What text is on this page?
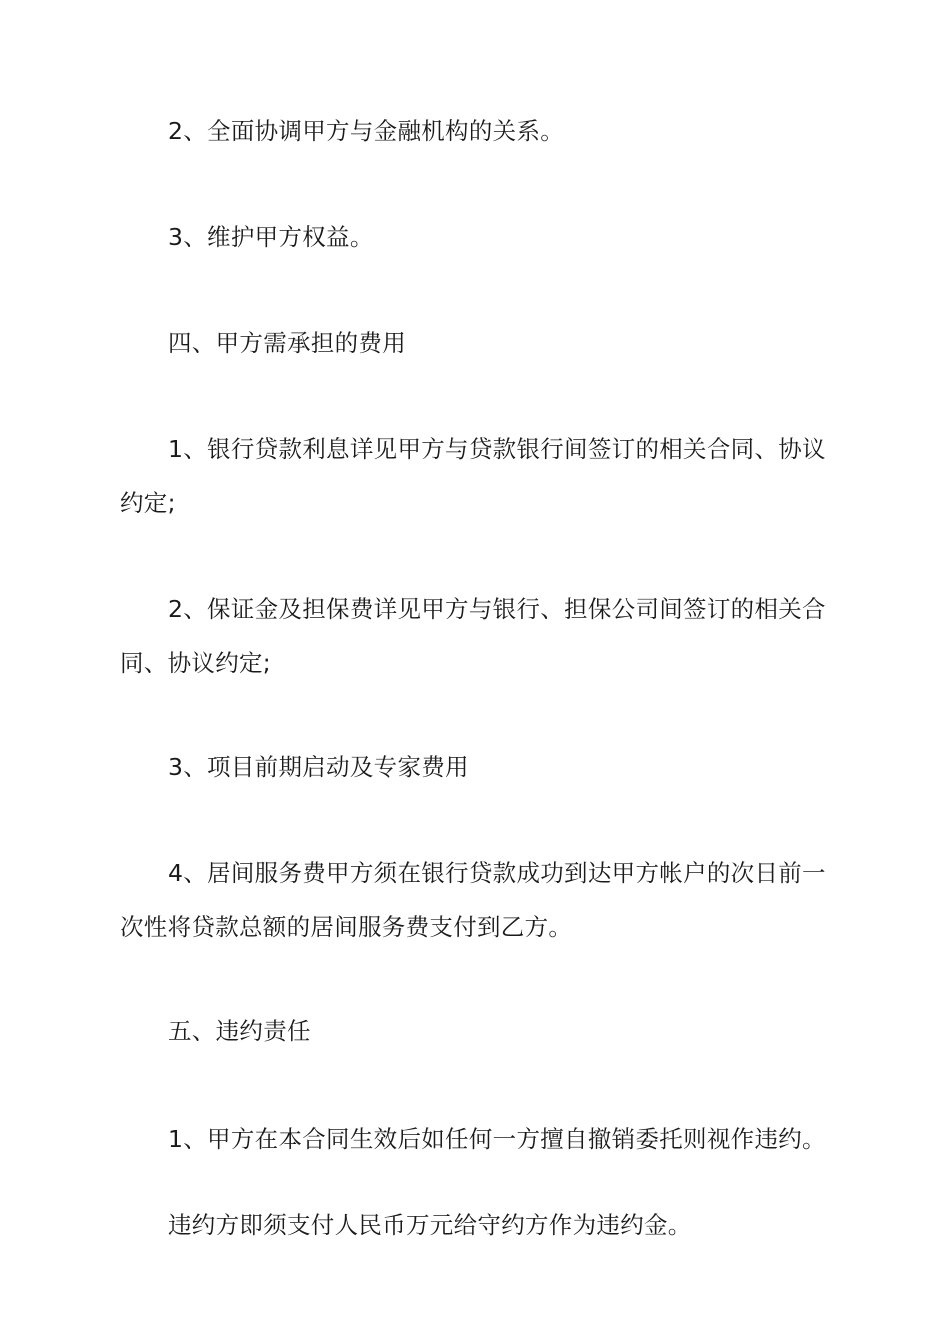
2、全面协调甲方与金融机构的关系。

3、维护甲方权益。

四、甲方需承担的费用

1、银行贷款利息详见甲方与贷款银行间签订的相关合同、协议约定;

2、保证金及担保费详见甲方与银行、担保公司间签订的相关合同、协议约定;

3、项目前期启动及专家费用

4、居间服务费甲方须在银行贷款成功到达甲方帐户的次日前一次性将贷款总额的居间服务费支付到乙方。

五、违约责任

1、甲方在本合同生效后如任何一方擅自撤销委托则视作违约。

违约方即须支付人民币万元给守约方作为违约金。
